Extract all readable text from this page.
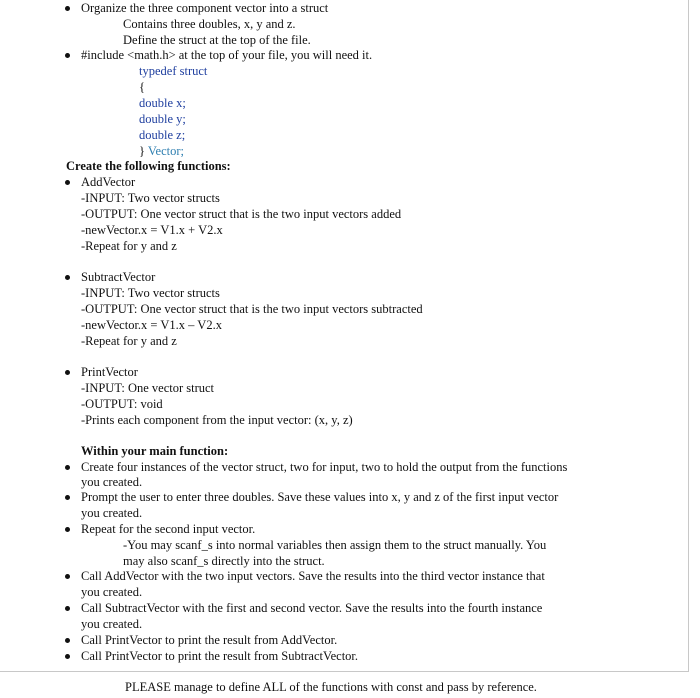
Organize the three component vector into a struct
Contains three doubles, x, y and z.
Define the struct at the top of the file.
#include <math.h> at the top of your file, you will need it.
typedef struct
{
double x;
double y;
double z;
} Vector;
Create the following functions:
AddVector
-INPUT: Two vector structs
-OUTPUT: One vector struct that is the two input vectors added
-newVector.x = V1.x + V2.x
-Repeat for y and z
SubtractVector
-INPUT: Two vector structs
-OUTPUT: One vector struct that is the two input vectors subtracted
-newVector.x = V1.x – V2.x
-Repeat for y and z
PrintVector
-INPUT: One vector struct
-OUTPUT: void
-Prints each component from the input vector: (x, y, z)
Within your main function:
Create four instances of the vector struct, two for input, two to hold the output from the functions
you created.
Prompt the user to enter three doubles. Save these values into x, y and z of the first input vector
you created.
Repeat for the second input vector.
-You may scanf_s into normal variables then assign them to the struct manually. You
may also scanf_s directly into the struct.
Call AddVector with the two input vectors. Save the results into the third vector instance that
you created.
Call SubtractVector with the first and second vector. Save the results into the fourth instance
you created.
Call PrintVector to print the result from AddVector.
Call PrintVector to print the result from SubtractVector.
PLEASE manage to define ALL of the functions with const and pass by reference.
